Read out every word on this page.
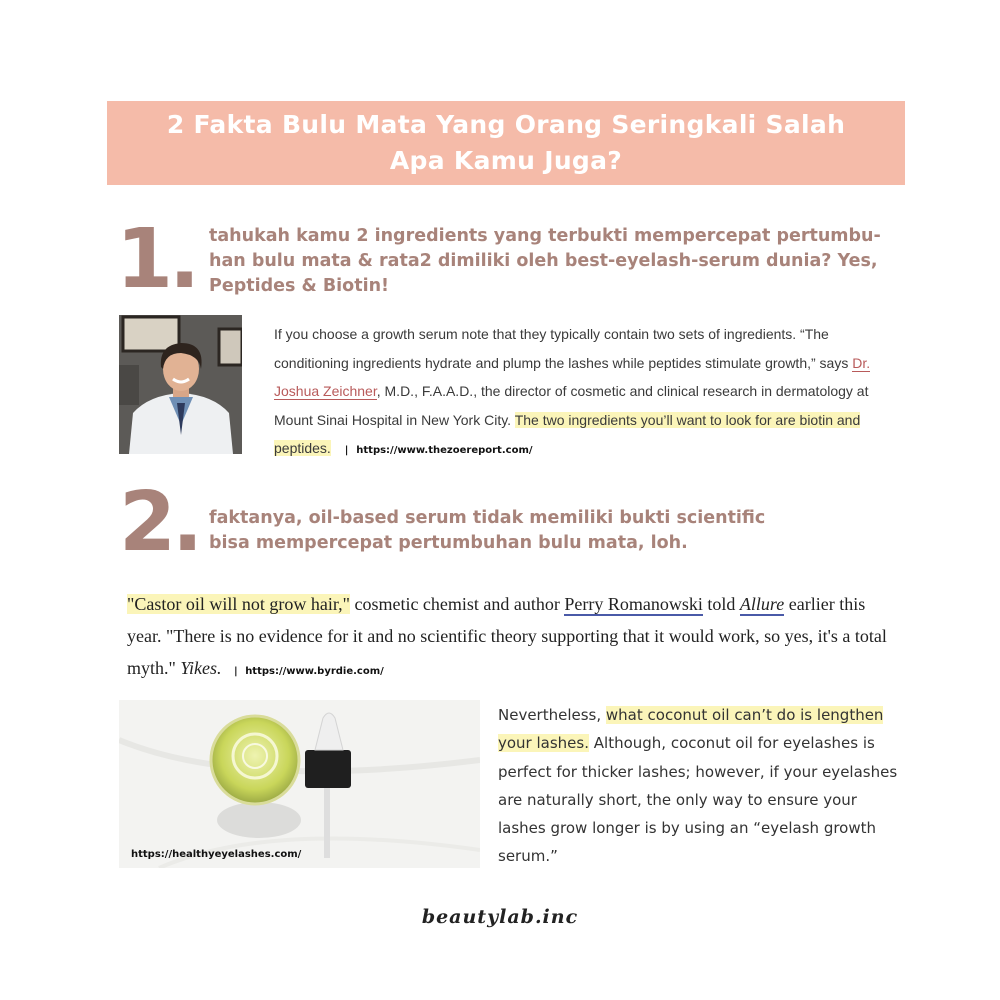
2 Fakta Bulu Mata Yang Orang Seringkali Salah
Apa Kamu Juga?
1. tahukah kamu 2 ingredients yang terbukti mempercepat pertumbu-
han bulu mata & rata2 dimiliki oleh best-eyelash-serum dunia? Yes,
Peptides & Biotin!
If you choose a growth serum note that they typically contain two sets of ingredients. “The conditioning ingredients hydrate and plump the lashes while peptides stimulate growth,” says Dr. Joshua Zeichner, M.D., F.A.A.D., the director of cosmetic and clinical research in dermatology at Mount Sinai Hospital in New York City. The two ingredients you’ll want to look for are biotin and peptides. | https://www.thezoereport.com/
2. faktanya, oil-based serum tidak memiliki bukti scientific
bisa mempercepat pertumbuhan bulu mata, loh.
"Castor oil will not grow hair," cosmetic chemist and author Perry Romanowski told Allure earlier this year. "There is no evidence for it and no scientific theory supporting that it would work, so yes, it's a total myth." Yikes. | https://www.byrdie.com/
https://healthyeyelashes.com/
Nevertheless, what coconut oil can’t do is lengthen your lashes. Although, coconut oil for eyelashes is perfect for thicker lashes; however, if your eyelashes are naturally short, the only way to ensure your lashes grow longer is by using an “eyelash growth serum.”
beautylab.inc
